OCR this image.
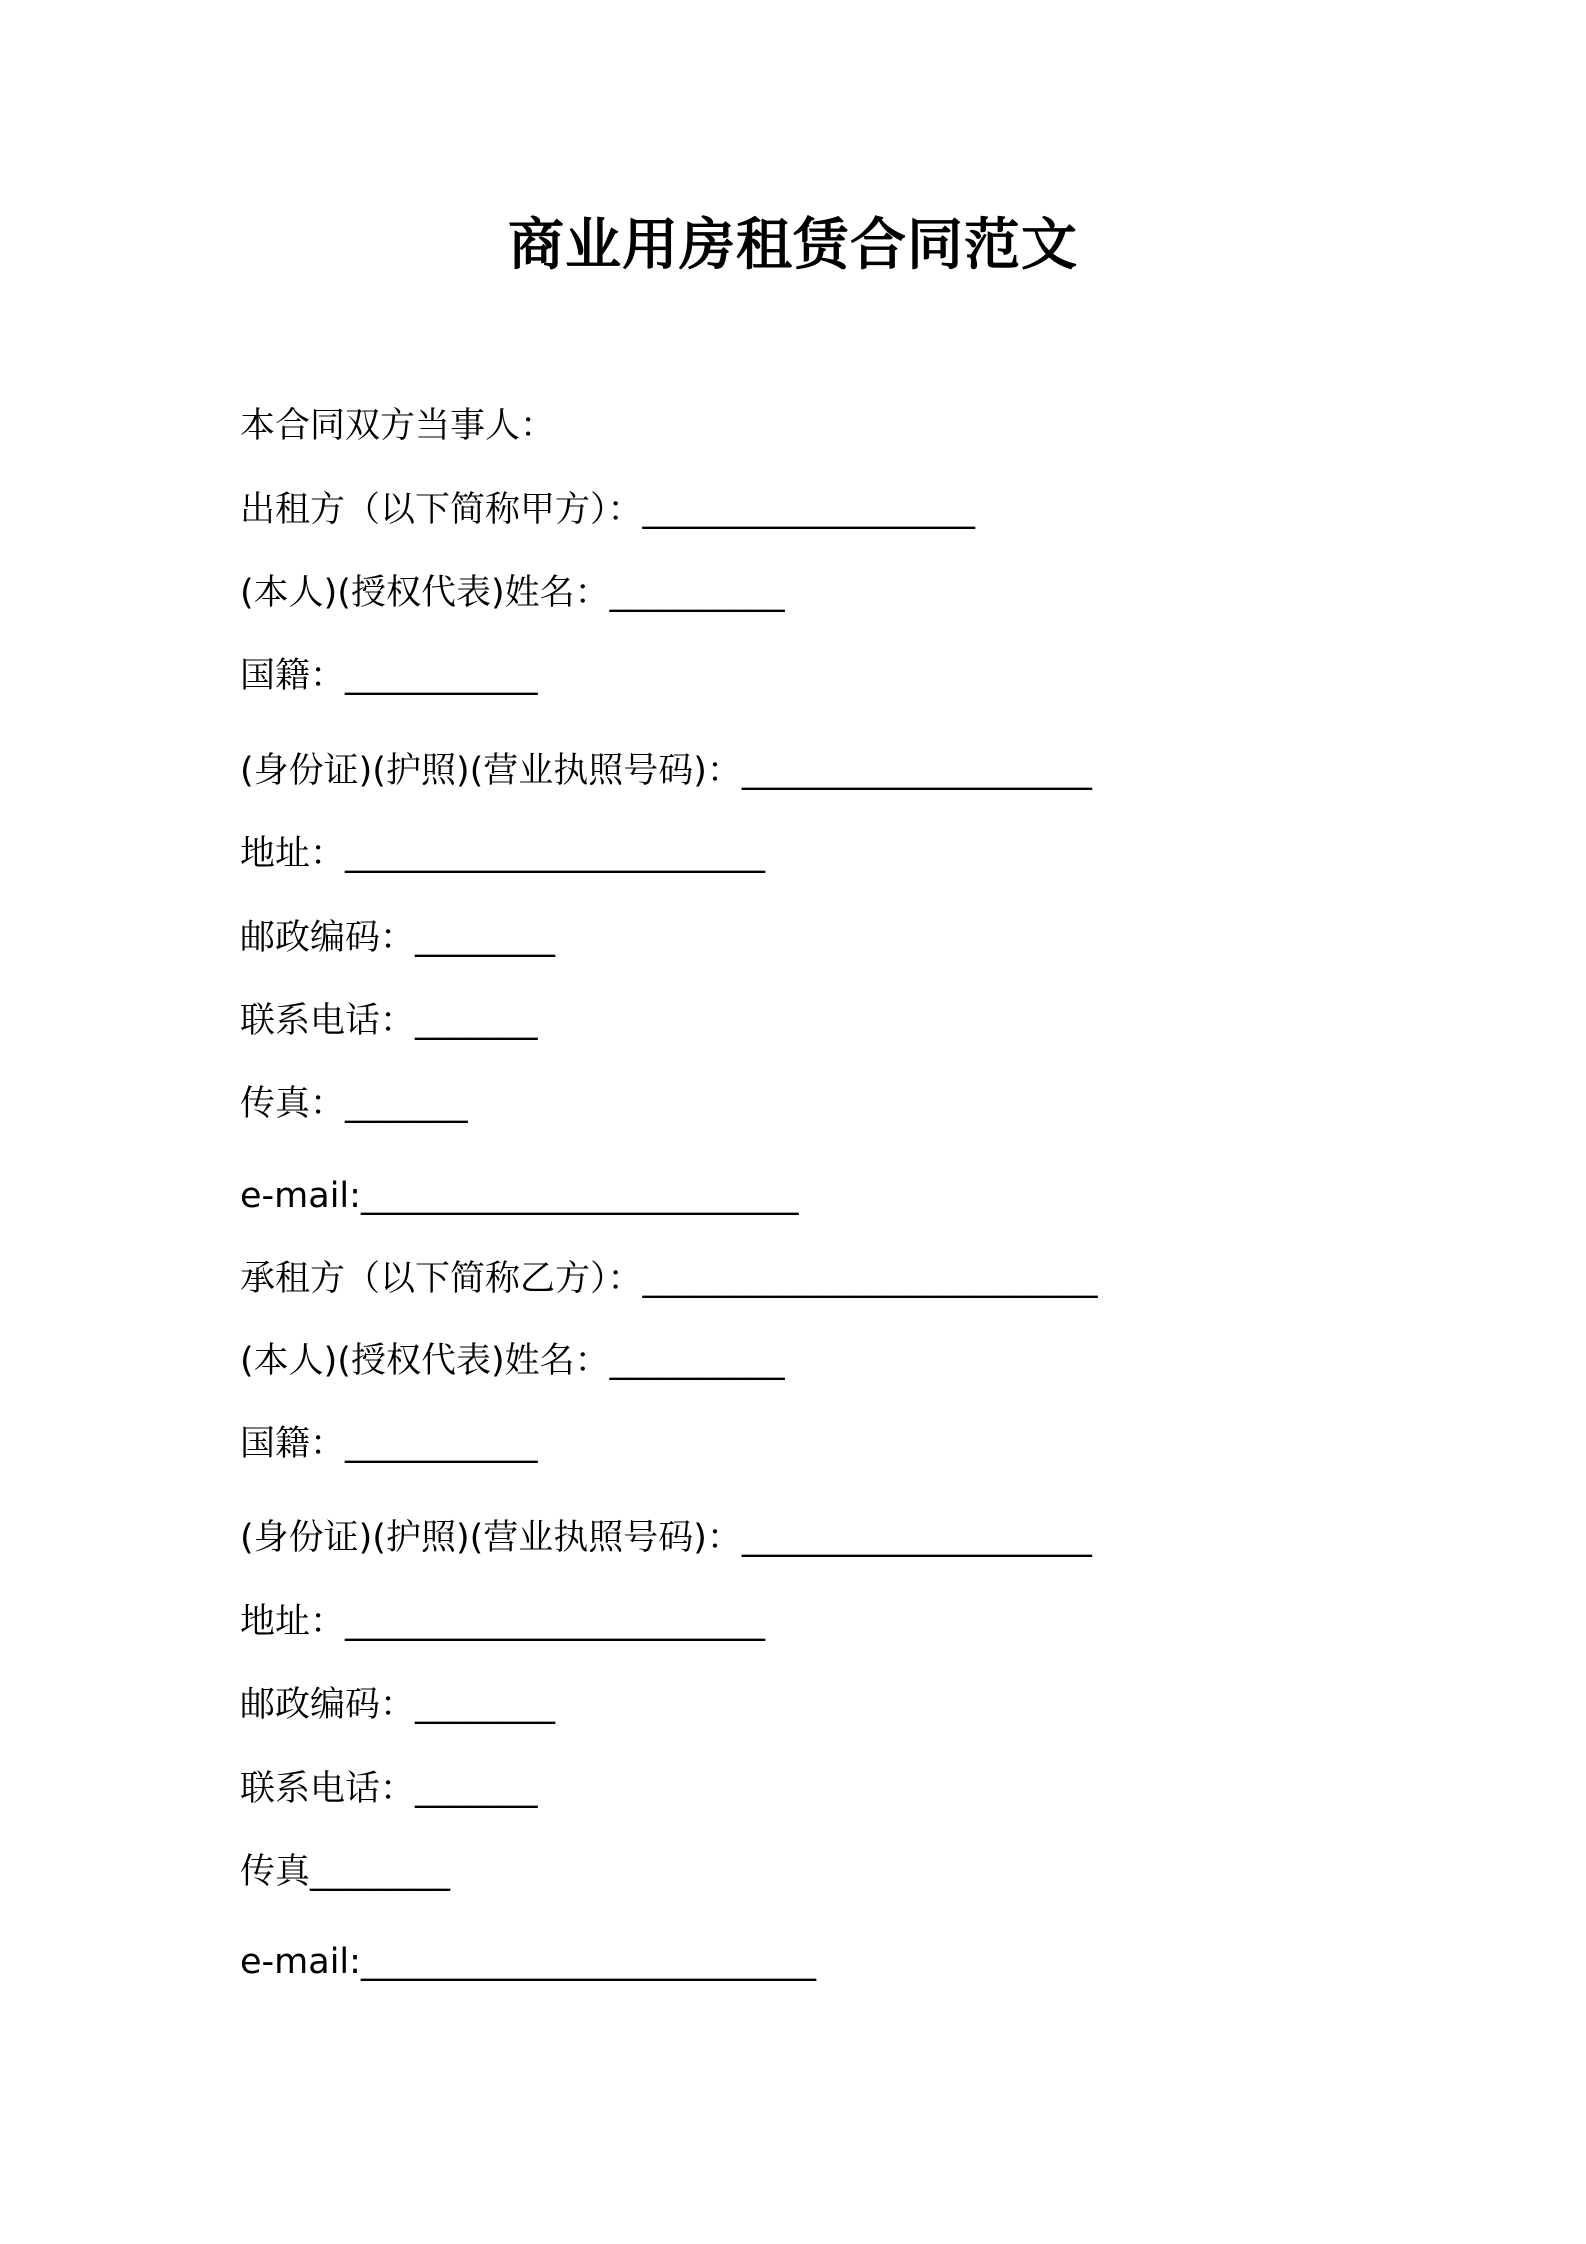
商业用房租赁合同范文
本合同双方当事人：
出租方（以下简称甲方）：___________________
(本人)(授权代表)姓名：__________
国籍：___________
(身份证)(护照)(营业执照号码)：____________________
地址：________________________
邮政编码：________
联系电话：_______
传真：_______
e-mail:_________________________
承租方（以下简称乙方）：__________________________
(本人)(授权代表)姓名：__________
国籍：___________
(身份证)(护照)(营业执照号码)：____________________
地址：________________________
邮政编码：________
联系电话：_______
传真________
e-mail:__________________________
